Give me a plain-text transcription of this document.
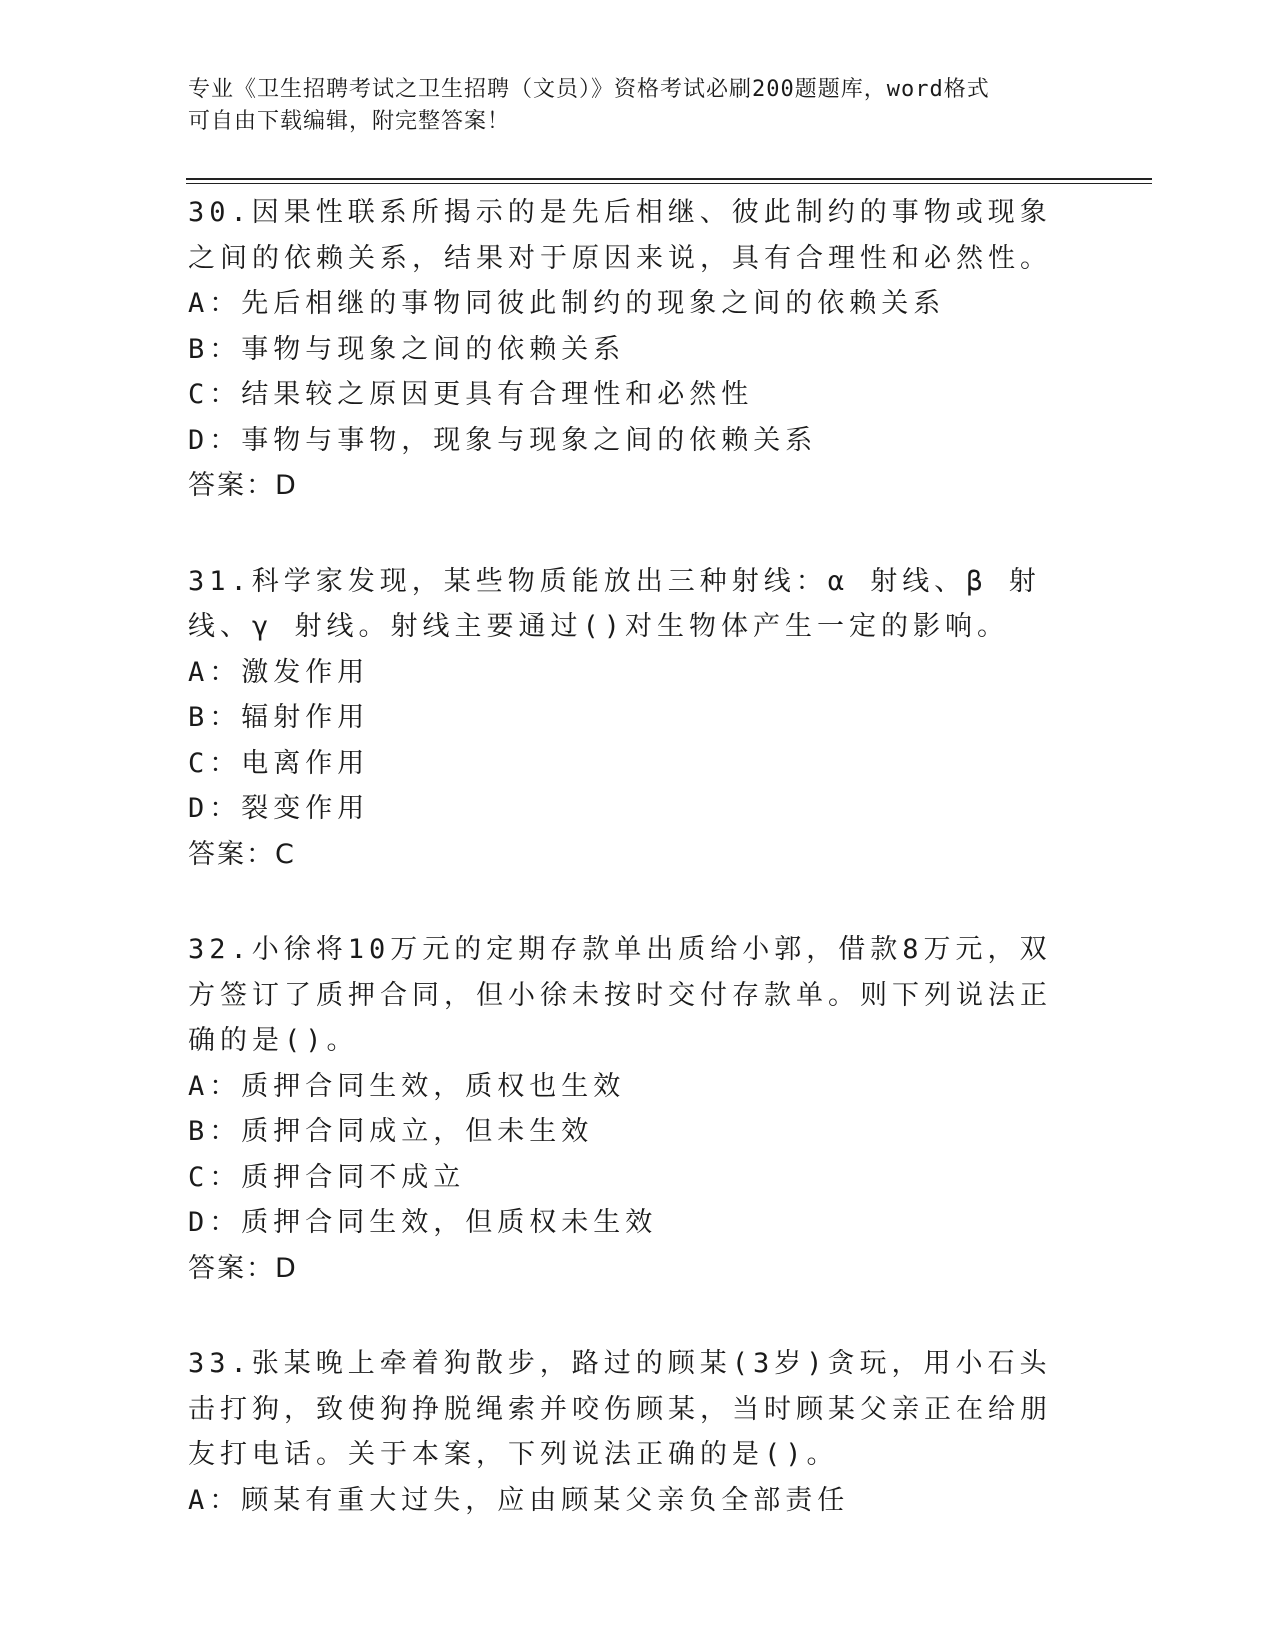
专业《卫生招聘考试之卫生招聘（文员）》资格考试必刷200题题库，word格式
可自由下载编辑，附完整答案！

30.因果性联系所揭示的是先后相继、彼此制约的事物或现象之间的依赖关系，结果对于原因来说，具有合理性和必然性。

A：先后相继的事物同彼此制约的现象之间的依赖关系

B：事物与现象之间的依赖关系

C：结果较之原因更具有合理性和必然性

D：事物与事物，现象与现象之间的依赖关系

答案：D

31.科学家发现，某些物质能放出三种射线：α 射线、β 射线、γ 射线。射线主要通过()对生物体产生一定的影响。

A：激发作用

B：辐射作用

C：电离作用

D：裂变作用

答案：C

32.小徐将10万元的定期存款单出质给小郭，借款8万元，双方签订了质押合同，但小徐未按时交付存款单。则下列说法正确的是()。

A：质押合同生效，质权也生效

B：质押合同成立，但未生效

C：质押合同不成立

D：质押合同生效，但质权未生效

答案：D

33.张某晚上牵着狗散步，路过的顾某(3岁)贪玩，用小石头击打狗，致使狗挣脱绳索并咬伤顾某，当时顾某父亲正在给朋友打电话。关于本案，下列说法正确的是()。

A：顾某有重大过失，应由顾某父亲负全部责任
